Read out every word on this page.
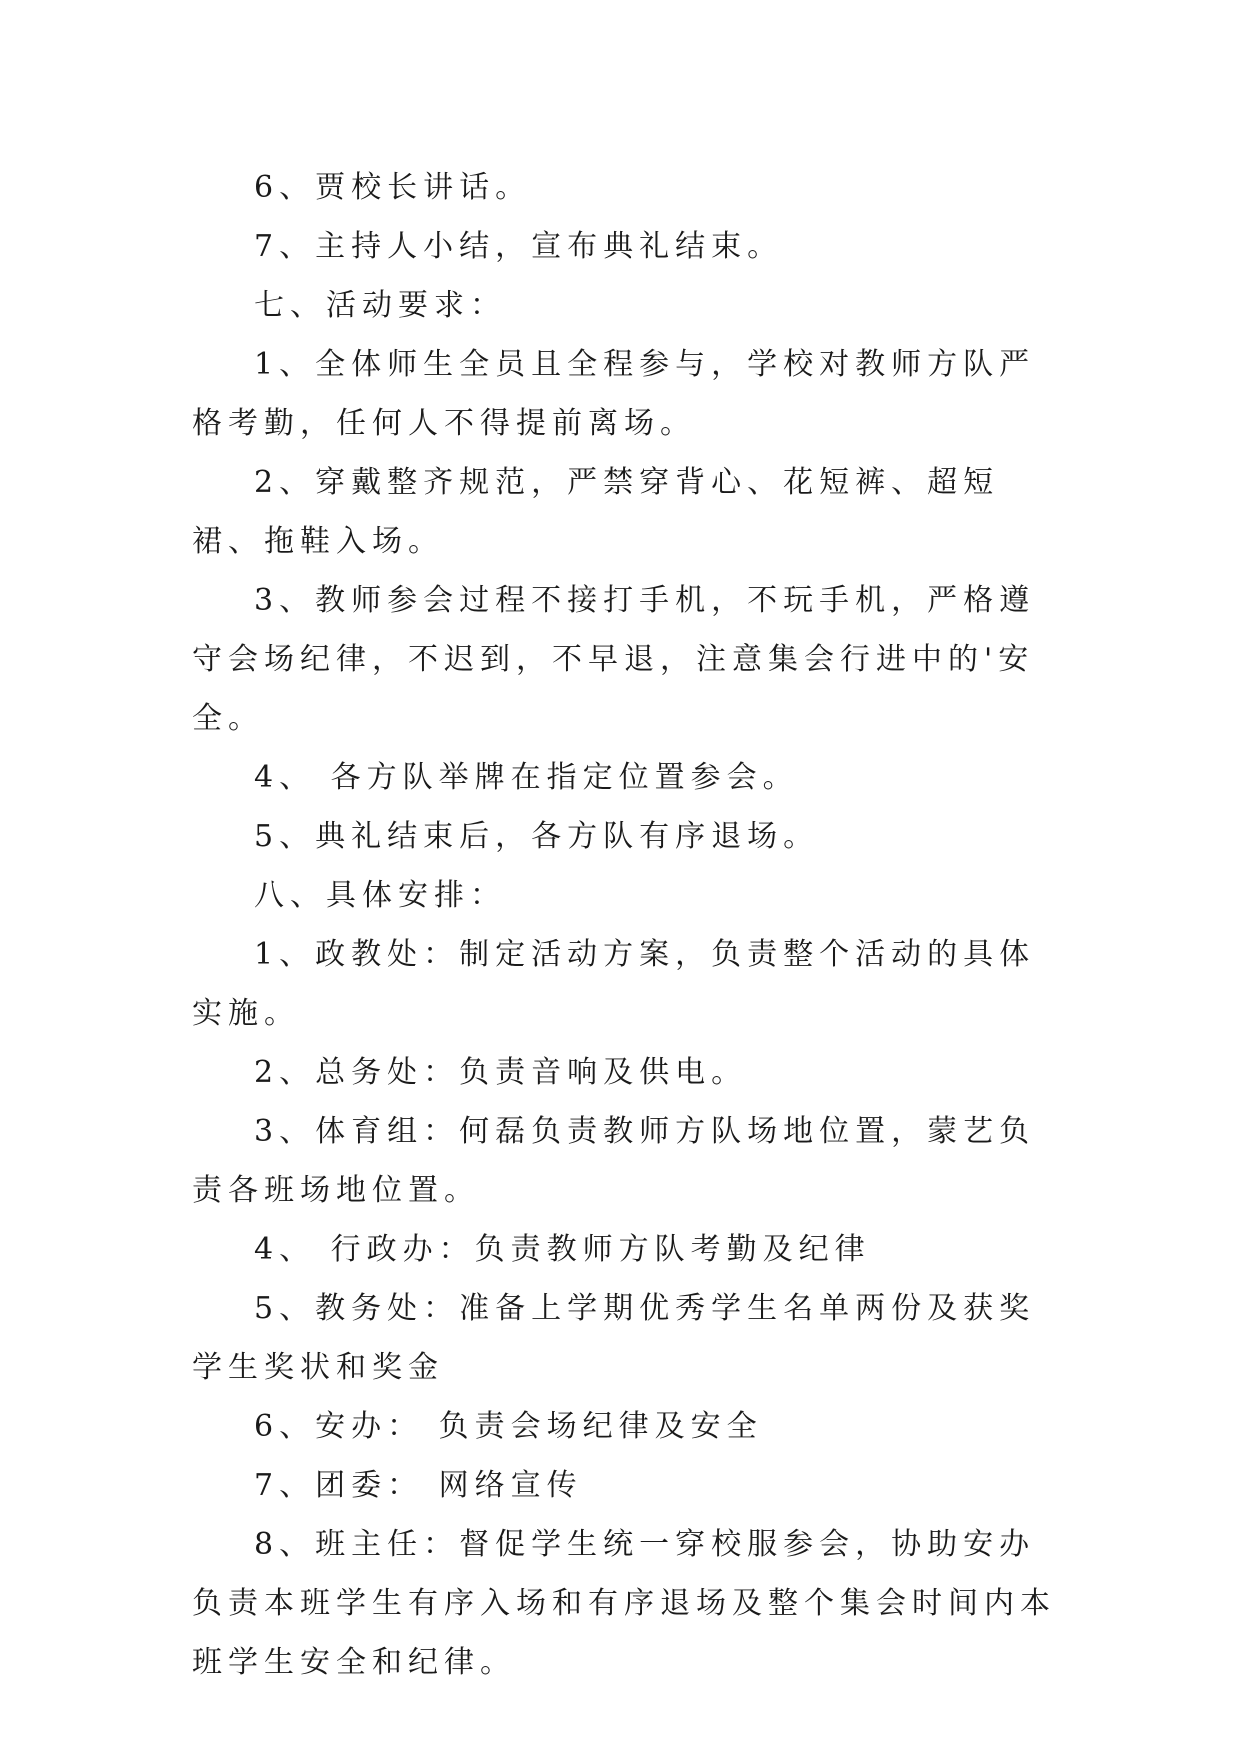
6、贾校长讲话。

7、主持人小结，宣布典礼结束。

七、活动要求：

1、全体师生全员且全程参与，学校对教师方队严格考勤，任何人不得提前离场。

2、穿戴整齐规范，严禁穿背心、花短裤、超短裙、拖鞋入场。

3、教师参会过程不接打手机，不玩手机，严格遵守会场纪律，不迟到，不早退，注意集会行进中的'安全。

4、 各方队举牌在指定位置参会。

5、典礼结束后，各方队有序退场。

八、具体安排：

1、政教处：制定活动方案，负责整个活动的具体实施。

2、总务处：负责音响及供电。

3、体育组：何磊负责教师方队场地位置，蒙艺负责各班场地位置。

4、 行政办：负责教师方队考勤及纪律

5、教务处：准备上学期优秀学生名单两份及获奖学生奖状和奖金

6、安办： 负责会场纪律及安全

7、团委： 网络宣传

8、班主任：督促学生统一穿校服参会，协助安办负责本班学生有序入场和有序退场及整个集会时间内本班学生安全和纪律。
